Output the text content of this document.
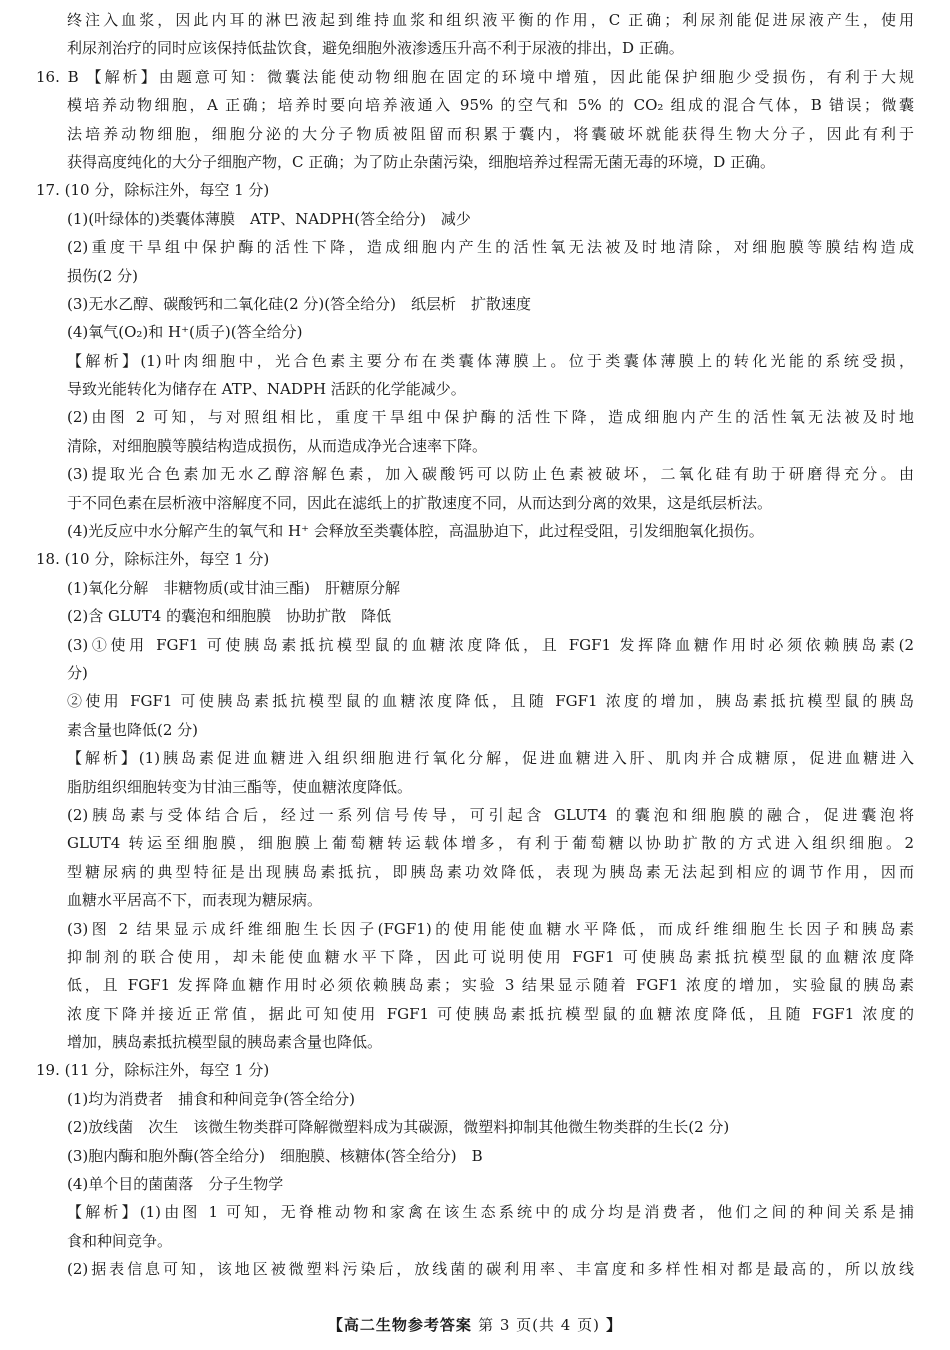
终注入血浆，因此内耳的淋巴液起到维持血浆和组织液平衡的作用，C 正确；利尿剂能促进尿液产生，使用
利尿剂治疗的同时应该保持低盐饮食，避免细胞外液渗透压升高不利于尿液的排出，D 正确。
16. B 【解析】由题意可知：微囊法能使动物细胞在固定的环境中增殖，因此能保护细胞少受损伤，有利于大规
模培养动物细胞，A 正确；培养时要向培养液通入 95% 的空气和 5% 的 CO₂ 组成的混合气体，B 错误；微囊
法培养动物细胞，细胞分泌的大分子物质被阻留而积累于囊内，将囊破坏就能获得生物大分子，因此有利于
获得高度纯化的大分子细胞产物，C 正确；为了防止杂菌污染，细胞培养过程需无菌无毒的环境，D 正确。
17. (10 分，除标注外，每空 1 分)
(1)(叶绿体的)类囊体薄膜　ATP、NADPH(答全给分)　减少
(2)重度干旱组中保护酶的活性下降，造成细胞内产生的活性氧无法被及时地清除，对细胞膜等膜结构造成
损伤(2 分)
(3)无水乙醇、碳酸钙和二氧化硅(2 分)(答全给分)　纸层析　扩散速度
(4)氧气(O₂)和 H⁺(质子)(答全给分)
【解析】(1)叶肉细胞中，光合色素主要分布在类囊体薄膜上。位于类囊体薄膜上的转化光能的系统受损，
导致光能转化为储存在 ATP、NADPH 活跃的化学能减少。
(2)由图 2 可知，与对照组相比，重度干旱组中保护酶的活性下降，造成细胞内产生的活性氧无法被及时地
清除，对细胞膜等膜结构造成损伤，从而造成净光合速率下降。
(3)提取光合色素加无水乙醇溶解色素，加入碳酸钙可以防止色素被破坏，二氧化硅有助于研磨得充分。由
于不同色素在层析液中溶解度不同，因此在滤纸上的扩散速度不同，从而达到分离的效果，这是纸层析法。
(4)光反应中水分解产生的氧气和 H⁺ 会释放至类囊体腔，高温胁迫下，此过程受阻，引发细胞氧化损伤。
18. (10 分，除标注外，每空 1 分)
(1)氧化分解　非糖物质(或甘油三酯)　肝糖原分解
(2)含 GLUT4 的囊泡和细胞膜　协助扩散　降低
(3)①使用 FGF1 可使胰岛素抵抗模型鼠的血糖浓度降低，且 FGF1 发挥降血糖作用时必须依赖胰岛素(2
分)
②使用 FGF1 可使胰岛素抵抗模型鼠的血糖浓度降低，且随 FGF1 浓度的增加，胰岛素抵抗模型鼠的胰岛
素含量也降低(2 分)
【解析】(1)胰岛素促进血糖进入组织细胞进行氧化分解，促进血糖进入肝、肌肉并合成糖原，促进血糖进入
脂肪组织细胞转变为甘油三酯等，使血糖浓度降低。
(2)胰岛素与受体结合后，经过一系列信号传导，可引起含 GLUT4 的囊泡和细胞膜的融合，促进囊泡将
GLUT4 转运至细胞膜，细胞膜上葡萄糖转运载体增多，有利于葡萄糖以协助扩散的方式进入组织细胞。2
型糖尿病的典型特征是出现胰岛素抵抗，即胰岛素功效降低，表现为胰岛素无法起到相应的调节作用，因而
血糖水平居高不下，而表现为糖尿病。
(3)图 2 结果显示成纤维细胞生长因子(FGF1)的使用能使血糖水平降低，而成纤维细胞生长因子和胰岛素
抑制剂的联合使用，却未能使血糖水平下降，因此可说明使用 FGF1 可使胰岛素抵抗模型鼠的血糖浓度降
低，且 FGF1 发挥降血糖作用时必须依赖胰岛素；实验 3 结果显示随着 FGF1 浓度的增加，实验鼠的胰岛素
浓度下降并接近正常值，据此可知使用 FGF1 可使胰岛素抵抗模型鼠的血糖浓度降低，且随 FGF1 浓度的
增加，胰岛素抵抗模型鼠的胰岛素含量也降低。
19. (11 分，除标注外，每空 1 分)
(1)均为消费者　捕食和种间竞争(答全给分)
(2)放线菌　次生　该微生物类群可降解微塑料成为其碳源，微塑料抑制其他微生物类群的生长(2 分)
(3)胞内酶和胞外酶(答全给分)　细胞膜、核糖体(答全给分)　B
(4)单个目的菌菌落　分子生物学
【解析】(1)由图 1 可知，无脊椎动物和家禽在该生态系统中的成分均是消费者，他们之间的种间关系是捕
食和种间竞争。
(2)据表信息可知，该地区被微塑料污染后，放线菌的碳利用率、丰富度和多样性相对都是最高的，所以放线
【高二生物参考答案 第 3 页(共 4 页) 】
